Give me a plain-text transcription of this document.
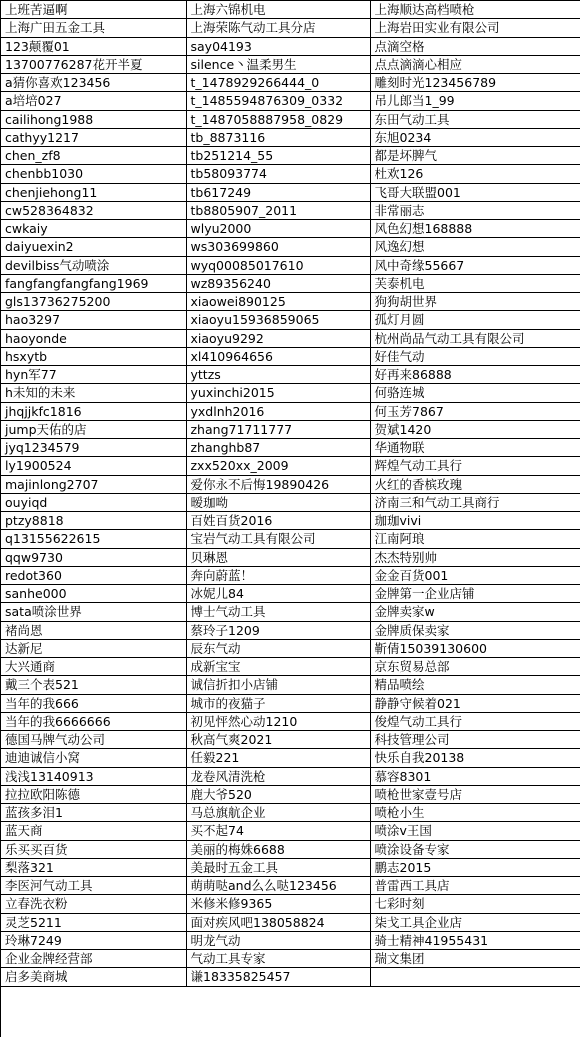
上班苦逼啊	上海六锦机电	上海顺达高档喷枪
上海广田五金工具	上海荣陈气动工具分店	上海岩田实业有限公司
123颠覆01	say04193	点滴空格
13700776287花开半夏	silence丶温柔男生	点点滴滴心相应
a猜你喜欢123456	t_1478929266444_0	雕刻时光123456789
a培培027	t_1485594876309_0332	吊儿郎当1_99
cailihong1988	t_1487058887958_0829	东田气动工具
cathyy1217	tb_8873116	东旭0234
chen_zf8	tb251214_55	都是坏脾气
chenbb1030	tb58093774	杜欢126
chenjiehong11	tb617249	飞哥大联盟001
cw528364832	tb8805907_2011	非常丽志
cwkaiy	wlyu2000	风色幻想168888
daiyuexin2	ws303699860	风逸幻想
devilbiss气动喷涂	wyq00085017610	风中奇缘55667
fangfangfangfang1969	wz89356240	芙泰机电
gls13736275200	xiaowei890125	狗狗胡世界
hao3297	xiaoyu15936859065	孤灯月圆
haoyonde	xiaoyu9292	杭州尚品气动工具有限公司
hsxytb	xl410964656	好佳气动
hyn军77	yttzs	好再来86888
h未知的未来	yuxinchi2015	何骆连城
jhqjjkfc1816	yxdlnh2016	何玉芳7867
jump天佑的店	zhang71711777	贺斌1420
jyq1234579	zhanghb87	华通物联
ly1900524	zxx520xx_2009	辉煌气动工具行
majinlong2707	爱你永不后悔19890426	火红的香槟玫瑰
ouyiqd	暧珈呦	济南三和气动工具商行
ptzy8818	百姓百货2016	珈珈vivi
q13155622615	宝岩气动工具有限公司	江南阿琅
qqw9730	贝琳恩	杰杰特别帅
redot360	奔向蔚蓝！	金金百货001
sanhe000	冰妮儿84	金牌第一企业店铺
sata喷涂世界	博士气动工具	金牌卖家w
褚尚恩	蔡玲子1209	金牌质保卖家
达新尼	辰东气动	靳倩15039130600
大兴通商	成新宝宝	京东贸易总部
戴三个表521	诚信折扣小店铺	精品喷绘
当年的我666	城市的夜猫子	静静守候着021
当年的我6666666	初见怦然心动1210	俊煌气动工具行
德国马牌气动公司	秋高气爽2021	科技管理公司
迪迪诚信小窝	任毅221	快乐自我20138
浅浅13140913	龙卷风清洗枪	慕容8301
拉拉欧阳陈德	鹿大爷520	喷枪世家壹号店
蓝孩多泪1	马总旗航企业	喷枪小生
蓝天商	买不起74	喷涂v王国
乐买买百货	美丽的梅姝6688	喷涂设备专家
梨落321	美最时五金工具	鹏志2015
李医河气动工具	萌萌哒and么么哒123456	普雷西工具店
立春洗衣粉	米修米修9365	七彩时刻
灵芝5211	面对疾风吧138058824	柒戈工具企业店
玲琳7249	明龙气动	骑士精神41955431
企业金牌经营部	气动工具专家	瑞文集团
启多美商城	谦18335825457	
